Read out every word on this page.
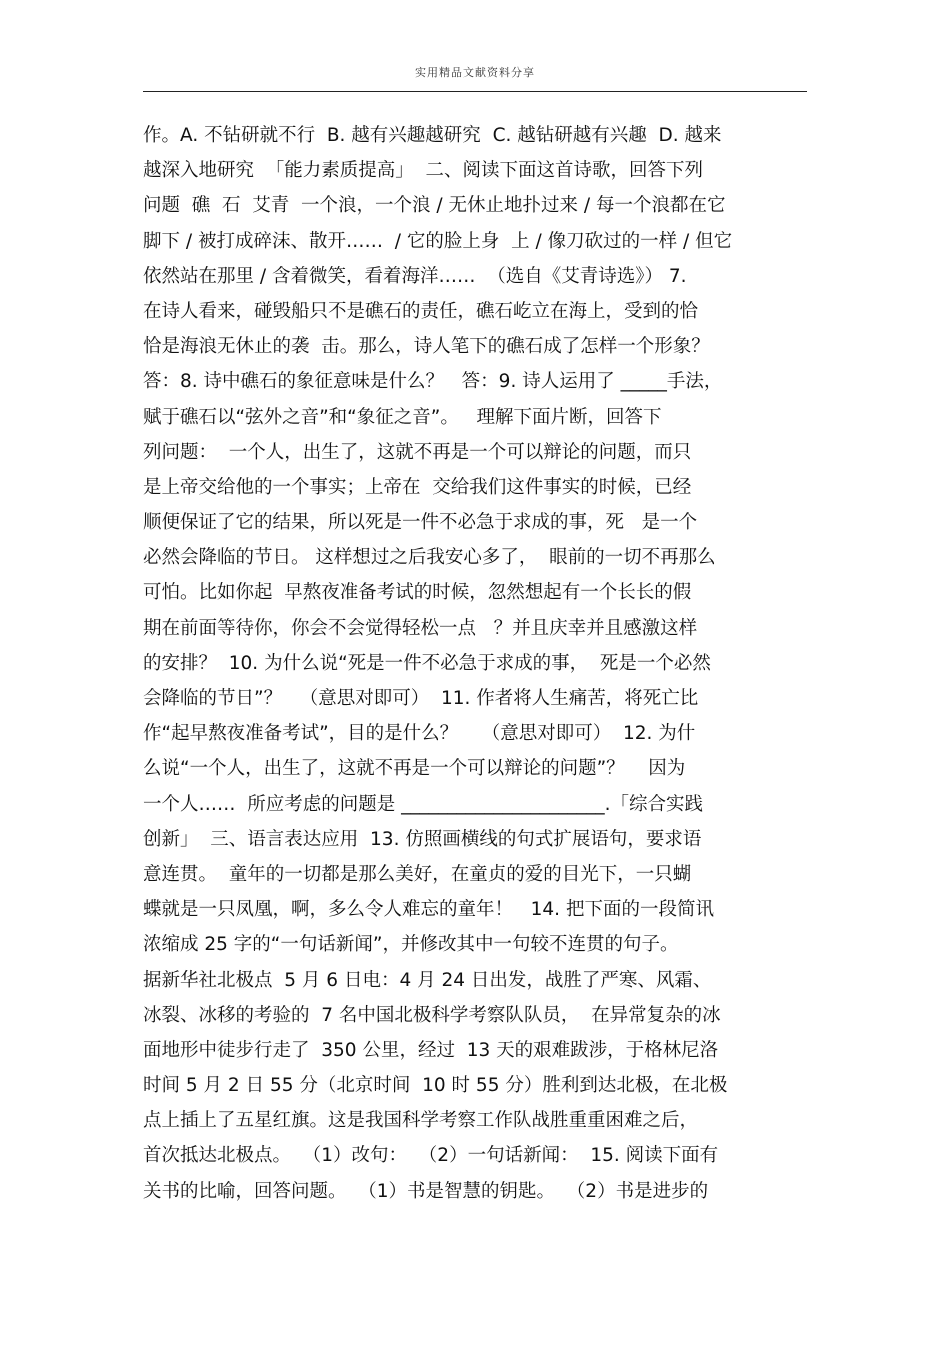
实用精品文献资料分享
作。A. 不钻研就不行  B. 越有兴趣越研究  C. 越钻研越有兴趣  D. 越来
越深入地研究  「能力素质提高」  二、阅读下面这首诗歌，回答下列
问题  礁  石  艾青  一个浪，一个浪 / 无休止地扑过来 / 每一个浪都在它
脚下 / 被打成碎沫、散开……  / 它的脸上身  上 / 像刀砍过的一样 / 但它
依然站在那里 / 含着微笑，看着海洋……  （选自《艾青诗选》） 7.
在诗人看来，碰毁船只不是礁石的责任，礁石屹立在海上，受到的恰
恰是海浪无休止的袭  击。那么，诗人笔下的礁石成了怎样一个形象？
答：8. 诗中礁石的象征意味是什么？   答：9. 诗人运用了 _____手法，
赋于礁石以“弦外之音”和“象征之音”。   理解下面片断，回答下
列问题：  一个人，出生了，这就不再是一个可以辩论的问题，而只
是上帝交给他的一个事实；上帝在  交给我们这件事实的时候，已经
顺便保证了它的结果，所以死是一件不必急于求成的事，死   是一个
必然会降临的节日。 这样想过之后我安心多了，  眼前的一切不再那么
可怕。比如你起  早熬夜准备考试的时候，忽然想起有一个长长的假
期在前面等待你，你会不会觉得轻松一点   ？并且庆幸并且感激这样
的安排？  10. 为什么说“死是一件不必急于求成的事，  死是一个必然
会降临的节日”？   （意思对即可）  11. 作者将人生痛苦，将死亡比
作“起早熬夜准备考试”，目的是什么？    （意思对即可）  12. 为什
么说“一个人，出生了，这就不再是一个可以辩论的问题”？    因为
一个人……  所应考虑的问题是 ______________________.「综合实践
创新」  三、语言表达应用  13. 仿照画横线的句式扩展语句，要求语
意连贯。  童年的一切都是那么美好，在童贞的爱的目光下，一只蝴
蝶就是一只凤凰，啊，多么令人难忘的童年！   14. 把下面的一段简讯
浓缩成 25 字的“一句话新闻”，并修改其中一句较不连贯的句子。
据新华社北极点  5 月 6 日电：4 月 24 日出发，战胜了严寒、风霜、
冰裂、冰移的考验的  7 名中国北极科学考察队队员，  在异常复杂的冰
面地形中徒步行走了  350 公里，经过  13 天的艰难跋涉，于格林尼洛
时间 5 月 2 日 55 分（北京时间  10 时 55 分）胜利到达北极，在北极
点上插上了五星红旗。这是我国科学考察工作队战胜重重困难之后，
首次抵达北极点。  （1）改句：  （2）一句话新闻：  15. 阅读下面有
关书的比喻，回答问题。  （1）书是智慧的钥匙。  （2）书是进步的
